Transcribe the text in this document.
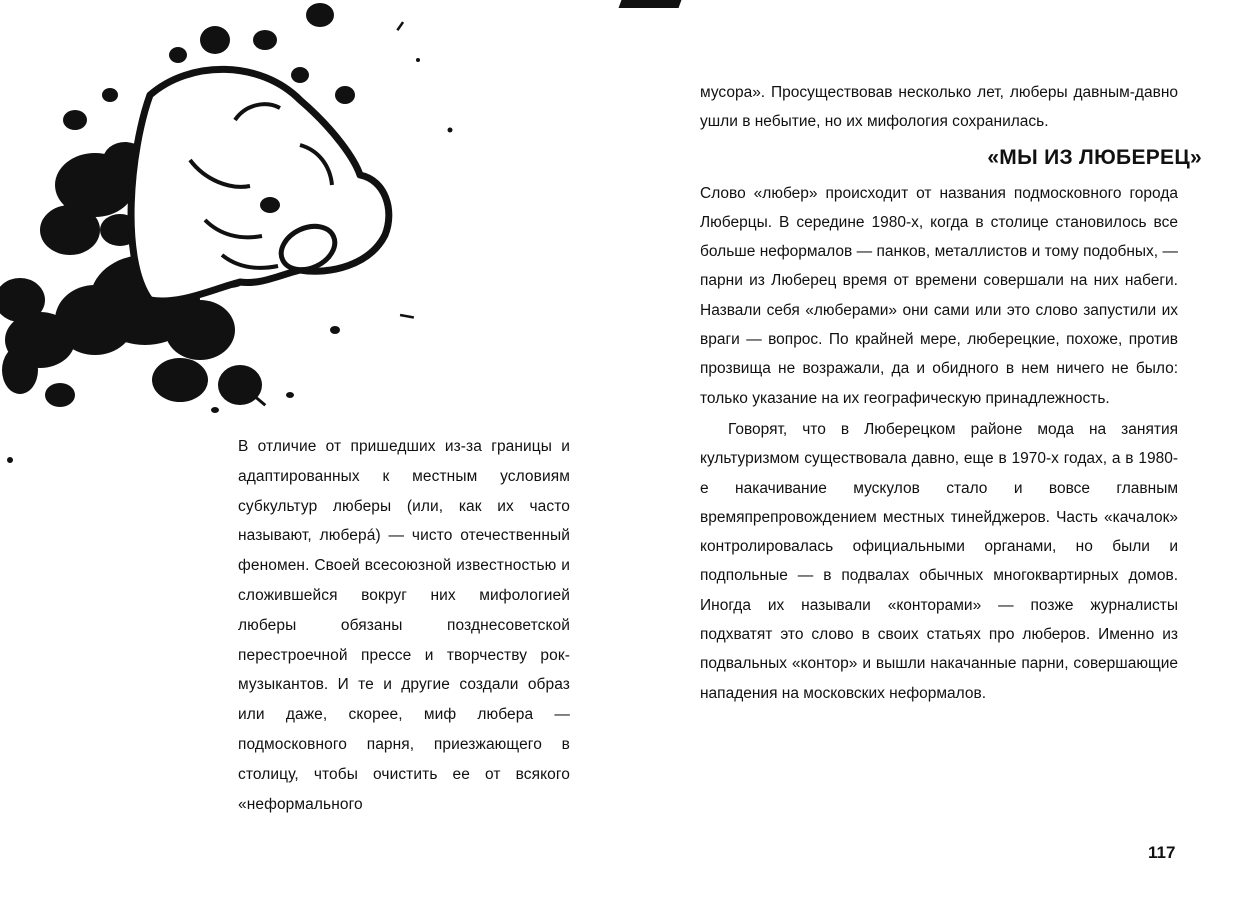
В отличие от пришедших из-за границы и адаптированных к местным условиям субкультур люберы (или, как их часто называют, люберá) — чисто отечественный феномен. Своей всесоюзной известностью и сложившейся вокруг них мифологией люберы обязаны позднесоветской перестроечной прессе и творчеству рок-музыкантов. И те и другие создали образ или даже, скорее, миф любера — подмосковного парня, приезжающего в столицу, чтобы очистить ее от всякого «неформального

мусора». Просуществовав несколько лет, люберы давным-давно ушли в небытие, но их мифология сохранилась.

«МЫ ИЗ ЛЮБЕРЕЦ»

Слово «любер» происходит от названия подмосковного города Люберцы. В середине 1980-х, когда в столице становилось все больше неформалов — панков, металлистов и тому подобных, — парни из Люберец время от времени совершали на них набеги. Назвали себя «люберами» они сами или это слово запустили их враги — вопрос. По крайней мере, люберецкие, похоже, против прозвища не возражали, да и обидного в нем ничего не было: только указание на их географическую принадлежность.

Говорят, что в Люберецком районе мода на занятия культуризмом существовала давно, еще в 1970-х годах, а в 1980-е накачивание мускулов стало и вовсе главным времяпрепровождением местных тинейджеров. Часть «качалок» контролировалась официальными органами, но были и подпольные — в подвалах обычных многоквартирных домов. Иногда их называли «конторами» — позже журналисты подхватят это слово в своих статьях про люберов. Именно из подвальных «контор» и вышли накачанные парни, совершающие нападения на московских неформалов.

117
